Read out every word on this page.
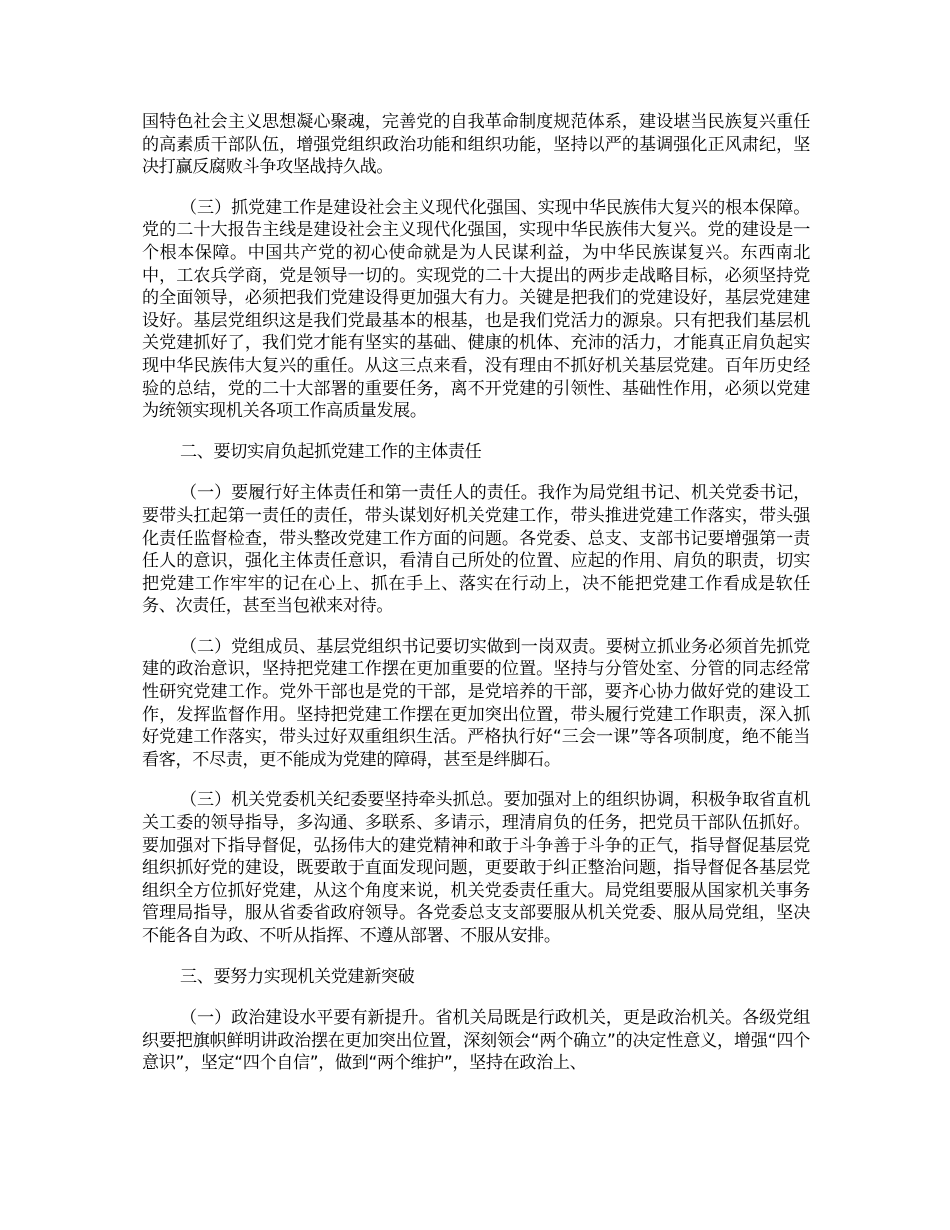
国特色社会主义思想凝心聚魂，完善党的自我革命制度规范体系，建设堪当民族复兴重任的高素质干部队伍，增强党组织政治功能和组织功能，坚持以严的基调强化正风肃纪，坚决打赢反腐败斗争攻坚战持久战。

（三）抓党建工作是建设社会主义现代化强国、实现中华民族伟大复兴的根本保障。党的二十大报告主线是建设社会主义现代化强国，实现中华民族伟大复兴。党的建设是一个根本保障。中国共产党的初心使命就是为人民谋利益，为中华民族谋复兴。东西南北中，工农兵学商，党是领导一切的。实现党的二十大提出的两步走战略目标，必须坚持党的全面领导，必须把我们党建设得更加强大有力。关键是把我们的党建设好，基层党建建设好。基层党组织这是我们党最基本的根基，也是我们党活力的源泉。只有把我们基层机关党建抓好了，我们党才能有坚实的基础、健康的机体、充沛的活力，才能真正肩负起实现中华民族伟大复兴的重任。从这三点来看，没有理由不抓好机关基层党建。百年历史经验的总结，党的二十大部署的重要任务，离不开党建的引领性、基础性作用，必须以党建为统领实现机关各项工作高质量发展。

二、要切实肩负起抓党建工作的主体责任

（一）要履行好主体责任和第一责任人的责任。我作为局党组书记、机关党委书记，要带头扛起第一责任的责任，带头谋划好机关党建工作，带头推进党建工作落实，带头强化责任监督检查，带头整改党建工作方面的问题。各党委、总支、支部书记要增强第一责任人的意识，强化主体责任意识，看清自己所处的位置、应起的作用、肩负的职责，切实把党建工作牢牢的记在心上、抓在手上、落实在行动上，决不能把党建工作看成是软任务、次责任，甚至当包袱来对待。

（二）党组成员、基层党组织书记要切实做到一岗双责。要树立抓业务必须首先抓党建的政治意识，坚持把党建工作摆在更加重要的位置。坚持与分管处室、分管的同志经常性研究党建工作。党外干部也是党的干部，是党培养的干部，要齐心协力做好党的建设工作，发挥监督作用。坚持把党建工作摆在更加突出位置，带头履行党建工作职责，深入抓好党建工作落实，带头过好双重组织生活。严格执行好“三会一课”等各项制度，绝不能当看客，不尽责，更不能成为党建的障碍，甚至是绊脚石。

（三）机关党委机关纪委要坚持牵头抓总。要加强对上的组织协调，积极争取省直机关工委的领导指导，多沟通、多联系、多请示，理清肩负的任务，把党员干部队伍抓好。要加强对下指导督促，弘扬伟大的建党精神和敢于斗争善于斗争的正气，指导督促基层党组织抓好党的建设，既要敢于直面发现问题，更要敢于纠正整治问题，指导督促各基层党组织全方位抓好党建，从这个角度来说，机关党委责任重大。局党组要服从国家机关事务管理局指导，服从省委省政府领导。各党委总支支部要服从机关党委、服从局党组，坚决不能各自为政、不听从指挥、不遵从部署、不服从安排。

三、要努力实现机关党建新突破

（一）政治建设水平要有新提升。省机关局既是行政机关，更是政治机关。各级党组织要把旗帜鲜明讲政治摆在更加突出位置，深刻领会“两个确立”的决定性意义，增强“四个意识”，坚定“四个自信”，做到“两个维护”，坚持在政治上、
